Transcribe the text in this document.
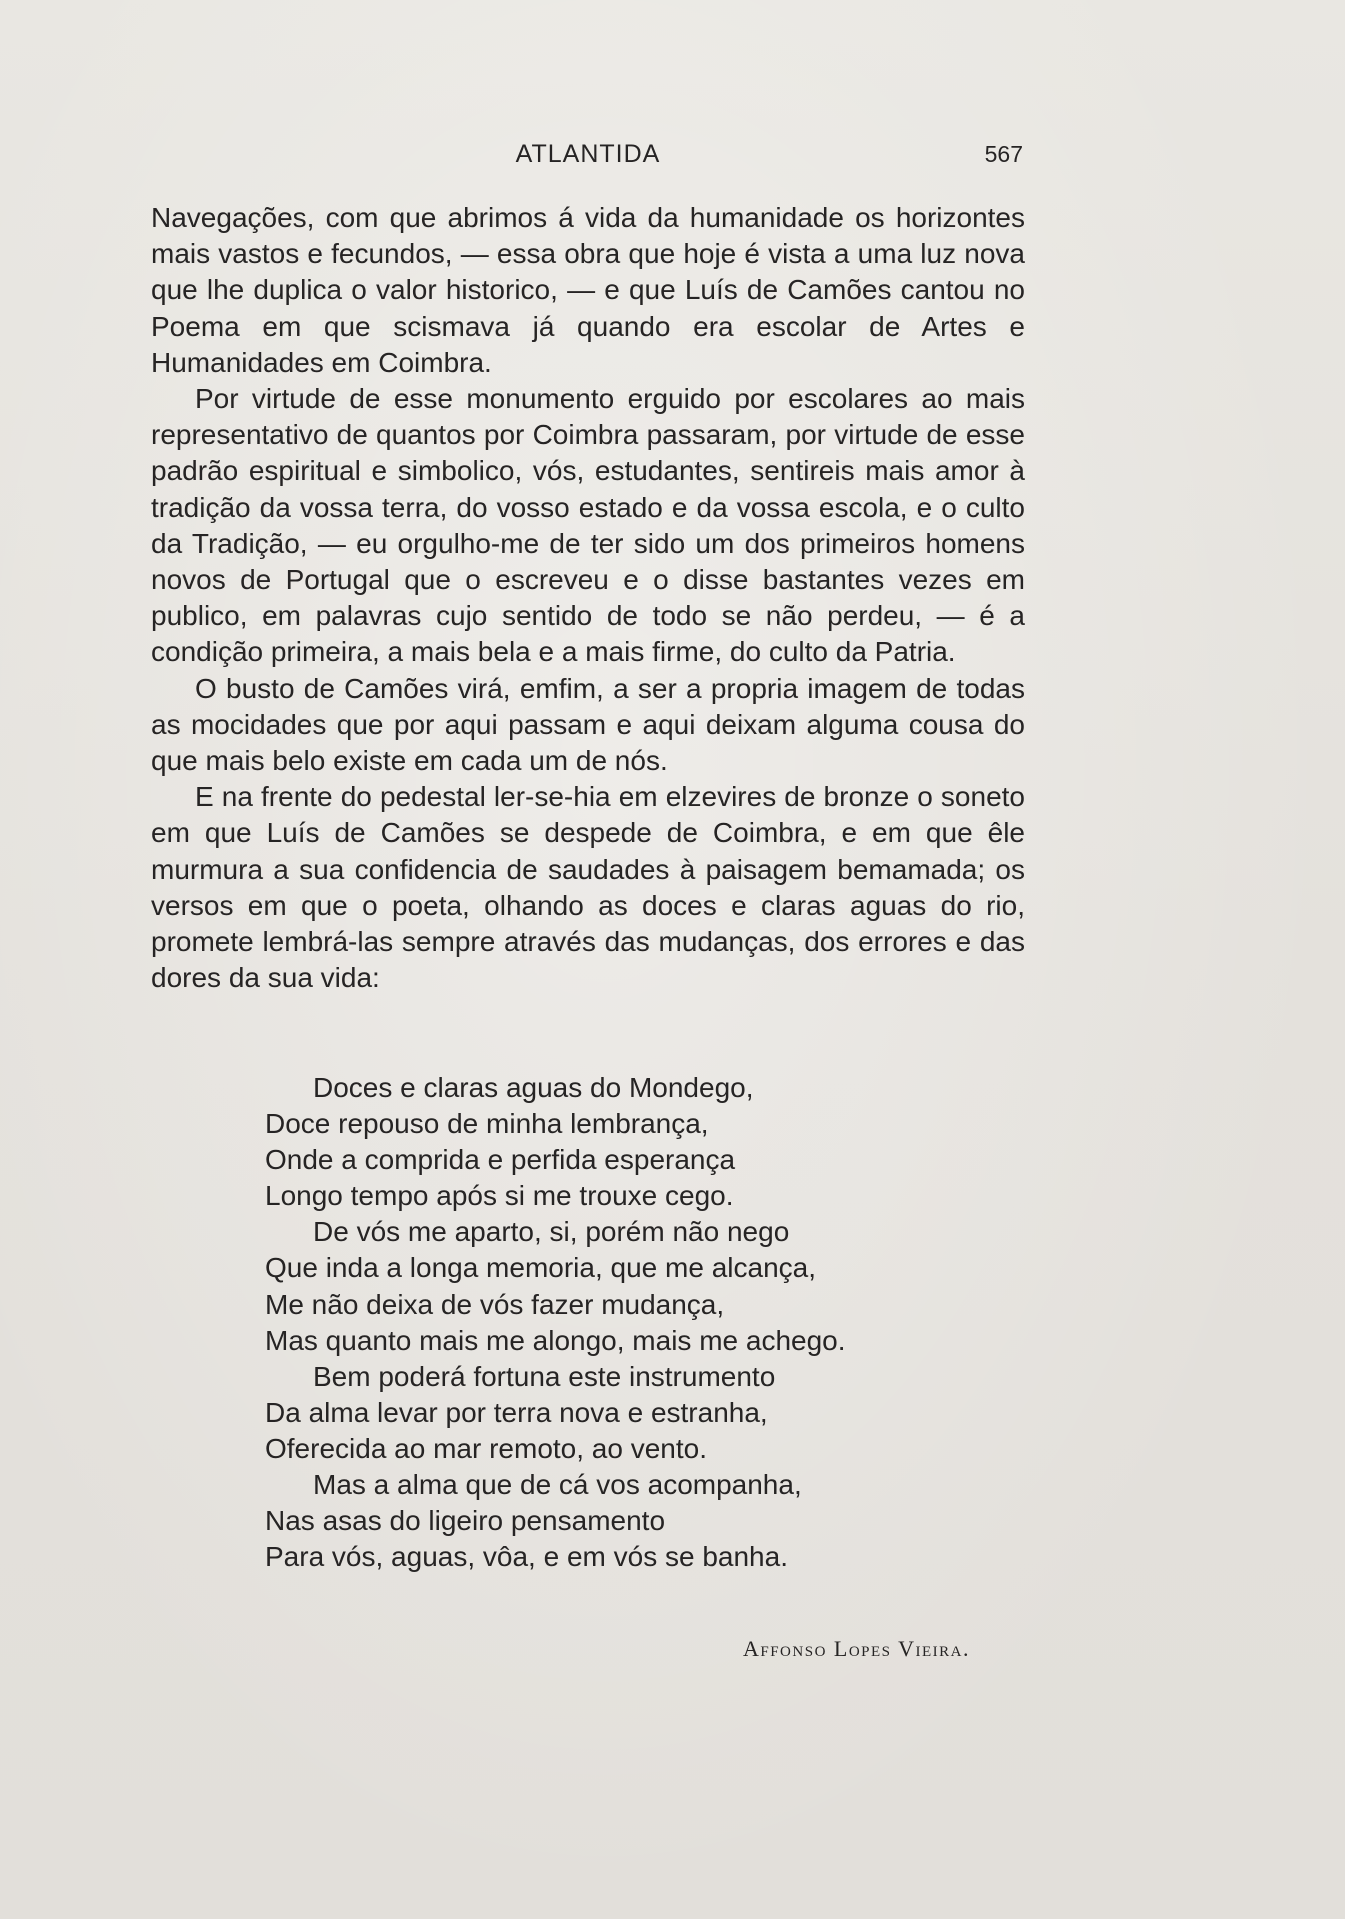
ATLANTIDA	567

Navegações, com que abrimos á vida da humanidade os horizontes mais vastos e fecundos, — essa obra que hoje é vista a uma luz nova que lhe duplica o valor historico, — e que Luís de Camões cantou no Poema em que scismava já quando era escolar de Artes e Humanidades em Coimbra.

Por virtude de esse monumento erguido por escolares ao mais representativo de quantos por Coimbra passaram, por virtude de esse padrão espiritual e simbolico, vós, estudantes, sentireis mais amor à tradição da vossa terra, do vosso estado e da vossa escola, e o culto da Tradição, — eu orgulho-me de ter sido um dos primeiros homens novos de Portugal que o escreveu e o disse bastantes vezes em publico, em palavras cujo sentido de todo se não perdeu, — é a condição primeira, a mais bela e a mais firme, do culto da Patria.

O busto de Camões virá, emfim, a ser a propria imagem de todas as mocidades que por aqui passam e aqui deixam alguma cousa do que mais belo existe em cada um de nós.

E na frente do pedestal ler-se-hia em elzevires de bronze o soneto em que Luís de Camões se despede de Coimbra, e em que êle murmura a sua confidencia de saudades à paisagem bemamada; os versos em que o poeta, olhando as doces e claras aguas do rio, promete lembrá-las sempre através das mudanças, dos errores e das dores da sua vida:

Doces e claras aguas do Mondego,
Doce repouso de minha lembrança,
Onde a comprida e perfida esperança
Longo tempo após si me trouxe cego.
De vós me aparto, si, porém não nego
Que inda a longa memoria, que me alcança,
Me não deixa de vós fazer mudança,
Mas quanto mais me alongo, mais me achego.
Bem poderá fortuna este instrumento
Da alma levar por terra nova e estranha,
Oferecida ao mar remoto, ao vento.
Mas a alma que de cá vos acompanha,
Nas asas do ligeiro pensamento
Para vós, aguas, vôa, e em vós se banha.
Affonso Lopes Vieira.
